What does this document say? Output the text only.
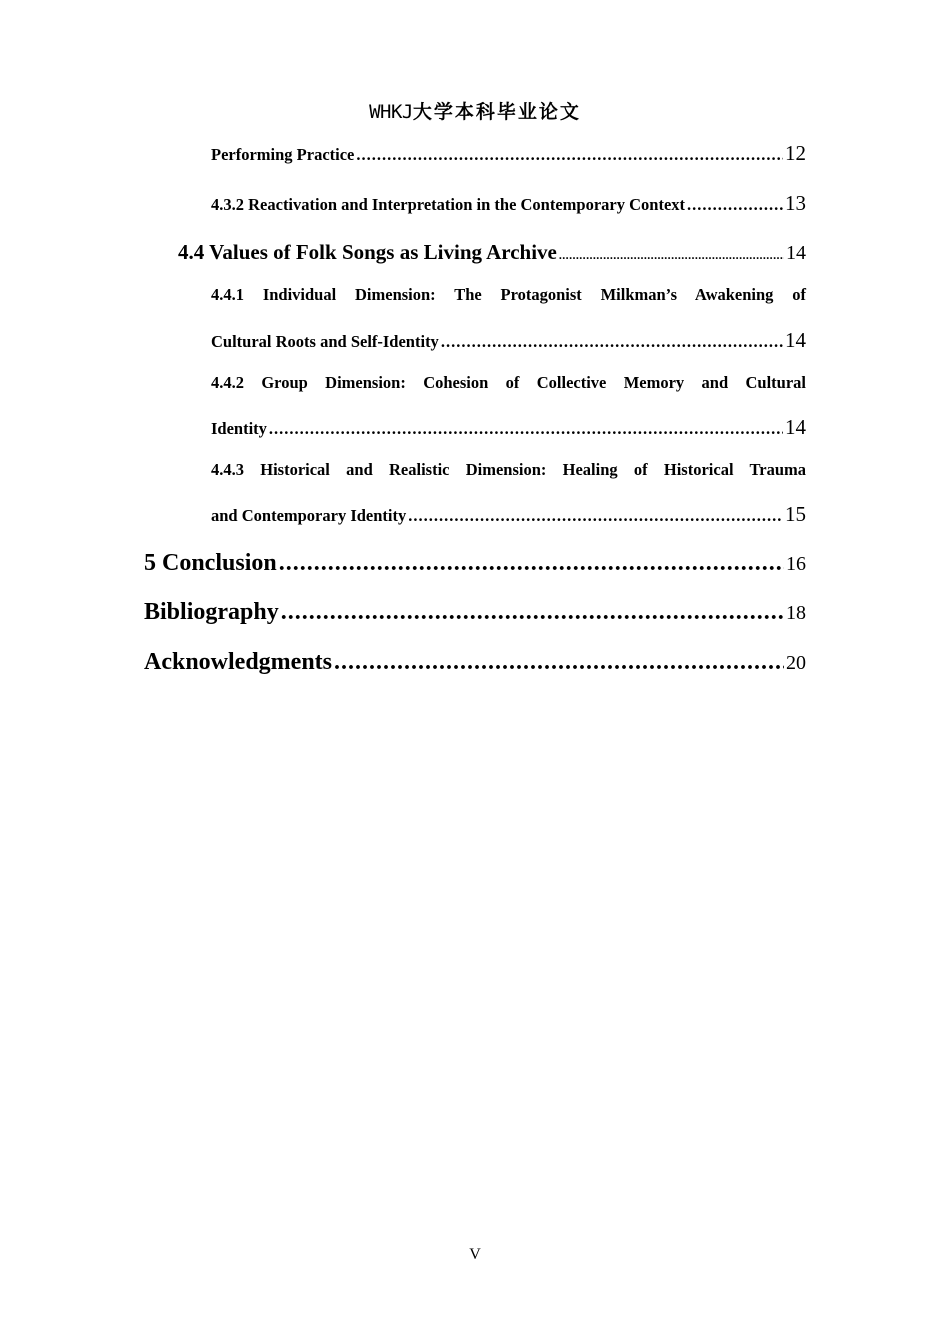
WHKJ大学本科毕业论文
Performing Practice .....	12
4.3.2 Reactivation and Interpretation in the Contemporary Context .....	13
4.4 Values of Folk Songs as Living Archive .....	14
4.4.1 Individual Dimension: The Protagonist Milkman’s Awakening of
Cultural Roots and Self-Identity .....	14
4.4.2 Group Dimension: Cohesion of Collective Memory and Cultural
Identity .....	14
4.4.3 Historical and Realistic Dimension: Healing of Historical Trauma
and Contemporary Identity .....	15
5 Conclusion .....	16
Bibliography .....	18
Acknowledgments .....	20
V
